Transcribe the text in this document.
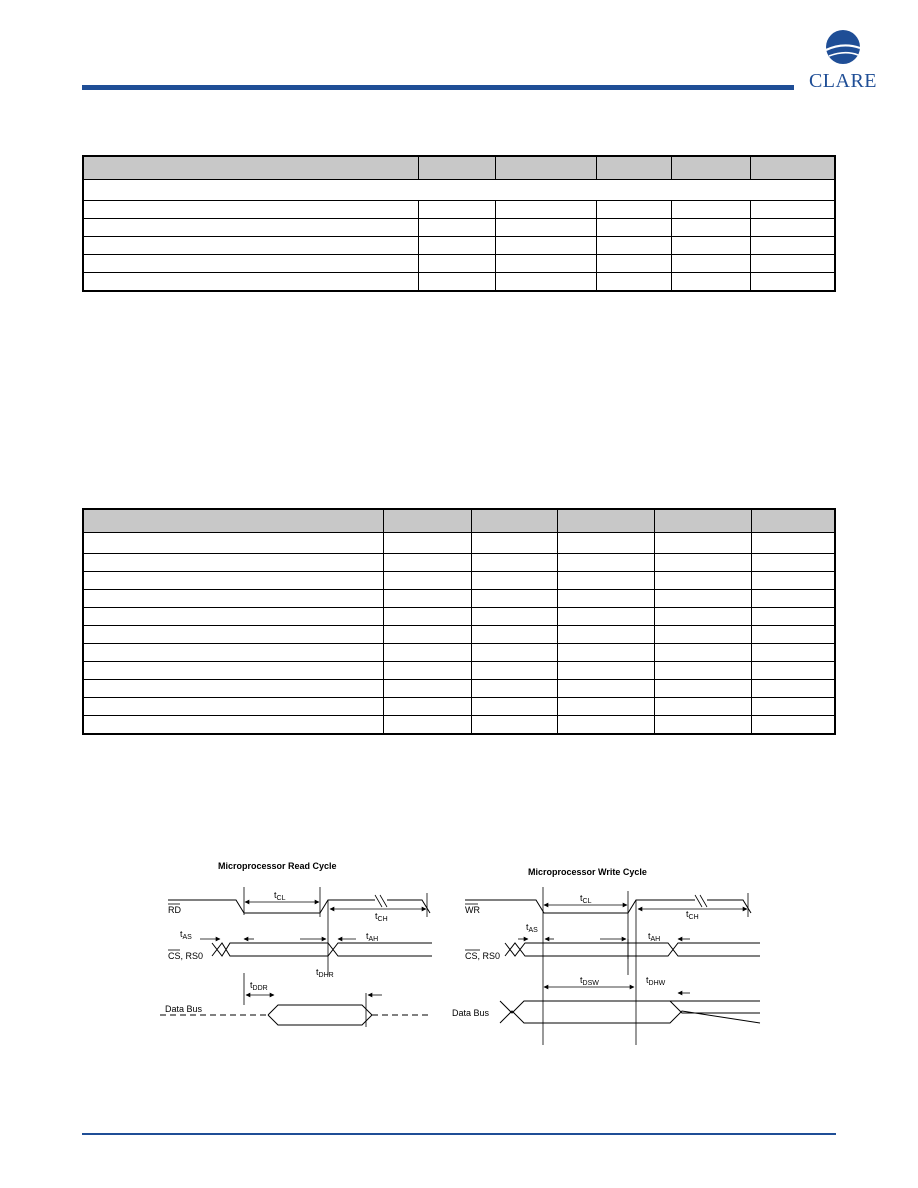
CLARE

Microprocessor Read Cycle
RD
$t_{CL}$
$t_{CH}$
CS, RS0
$t_{AS}$	$t_{AH}$
$t_{DHR}$
Data Bus
$t_{DDR}$
Microprocessor Write Cycle
WR
$t_{CL}$
$t_{CH}$
CS, RS0
$t_{AS}$
$t_{AH}$
Data Bus
$t_{DSW}$	$t_{DHW}$
